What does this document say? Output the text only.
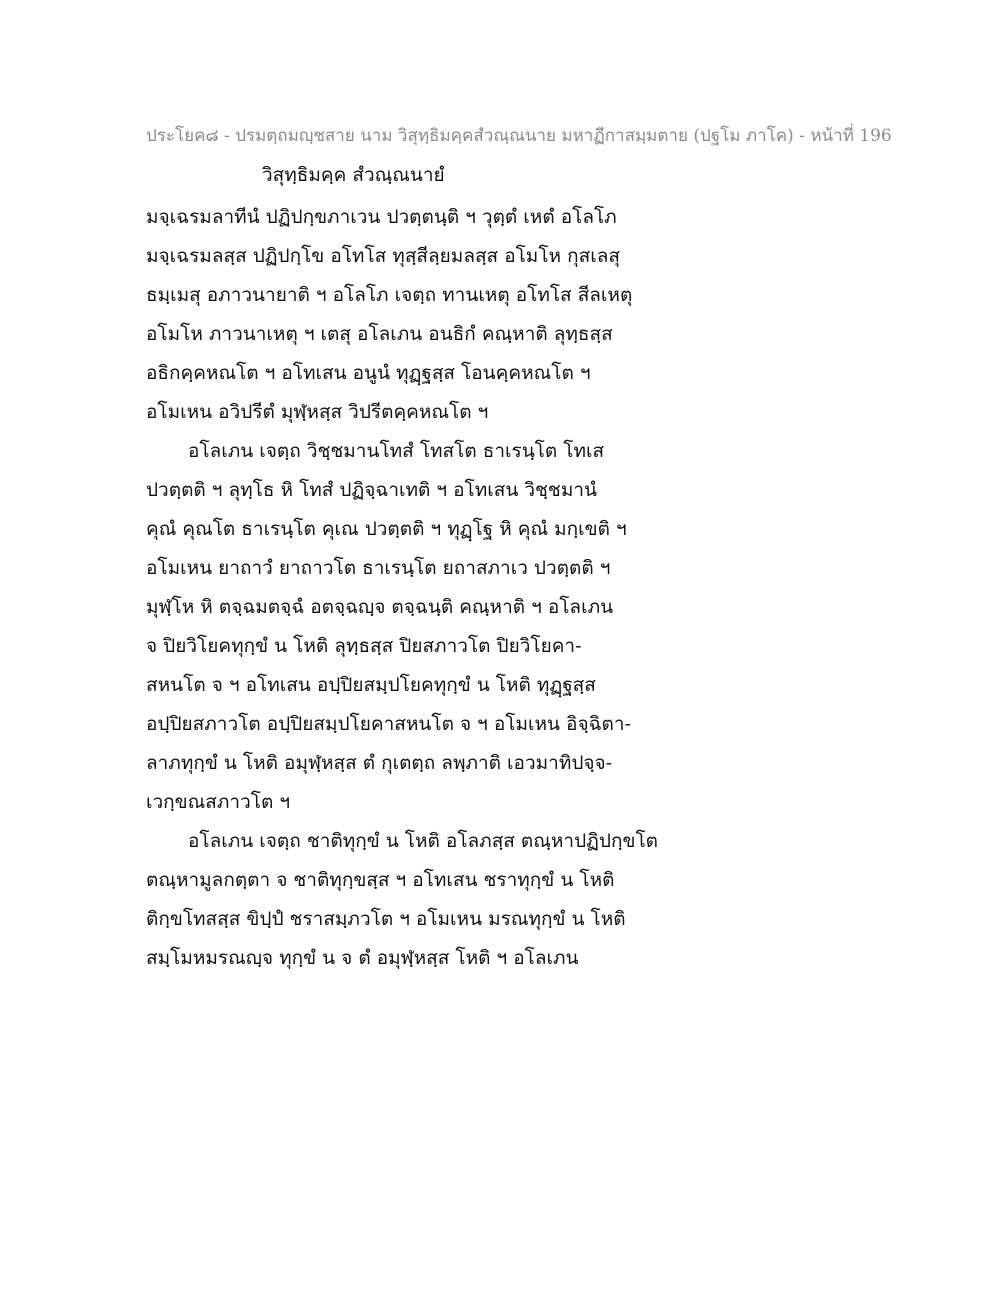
ประโยค๘ - ปรมตฺถมญฺชสาย นาม วิสุทฺธิมคฺคสํวณฺณนาย มหาฏีกาสมฺมตาย (ปฐโม ภาโค) - หน้าที่ 196
วิสุทฺธิมคฺค สํวณฺณนายํ
มจฺเฉรมลาทีนํ ปฏิปกฺขภาเวน ปวตฺตนฺติ ฯ วุตฺตํ เหตํ อโลโภ
มจฺเฉรมลสฺส ปฏิปกฺโข อโทโส ทุสฺสีลฺยมลสฺส อโมโห กุสเลสุ
ธมฺเมสุ อภาวนายาติ ฯ อโลโภ เจตฺถ ทานเหตุ อโทโส สีลเหตุ
อโมโห ภาวนาเหตุ ฯ เตสุ อโลเภน อนธิกํ คณฺหาติ ลุทฺธสฺส
อธิกคฺคหณโต ฯ อโทเสน อนูนํ ทุฏฺฐสฺส โอนคฺคหณโต ฯ
อโมเหน อวิปรีตํ มุฬฺหสฺส วิปรีตคฺคหณโต ฯ
อโลเภน เจตฺถ วิชฺชมานโทสํ โทสโต ธาเรนฺโต โทเส
ปวตฺตติ ฯ ลุทฺโธ หิ โทสํ ปฏิจฺฉาเทติ ฯ อโทเสน วิชฺชมานํ
คุณํ คุณโต ธาเรนฺโต คุเณ ปวตฺตติ ฯ ทุฏฺโฐ หิ คุณํ มกฺเขติ ฯ
อโมเหน ยาถาวํ ยาถาวโต ธาเรนฺโต ยถาสภาเว ปวตฺตติ ฯ
มุฬฺโห หิ ตจฺฉมตจฺฉํ อตจฺฉญฺจ ตจฺฉนฺติ คณฺหาติ ฯ อโลเภน
จ ปิยวิโยคทุกฺขํ น โหติ ลุทฺธสฺส ปิยสภาวโต ปิยวิโยคา-
สหนโต จ ฯ อโทเสน อปฺปิยสมฺปโยคทุกฺขํ น โหติ ทุฏฺฐสฺส
อปฺปิยสภาวโต อปฺปิยสมฺปโยคาสหนโต จ ฯ อโมเหน อิจฺฉิตา-
ลาภทุกฺขํ น โหติ อมุฬฺหสฺส ตํ กุเตตฺถ ลพฺภาติ เอวมาทิปจฺจ-
เวกฺขณสภาวโต ฯ
อโลเภน เจตฺถ ชาติทุกฺขํ น โหติ อโลภสฺส ตณฺหาปฏิปกฺขโต
ตณฺหามูลกตฺตา จ ชาติทุกฺขสฺส ฯ อโทเสน ชราทุกฺขํ น โหติ
ติกฺขโทสสฺส ขิปฺปํ ชราสมฺภวโต ฯ อโมเหน มรณทุกฺขํ น โหติ
สมฺโมหมรณญฺจ ทุกฺขํ น จ ตํ อมุฬฺหสฺส โหติ ฯ อโลเภน
